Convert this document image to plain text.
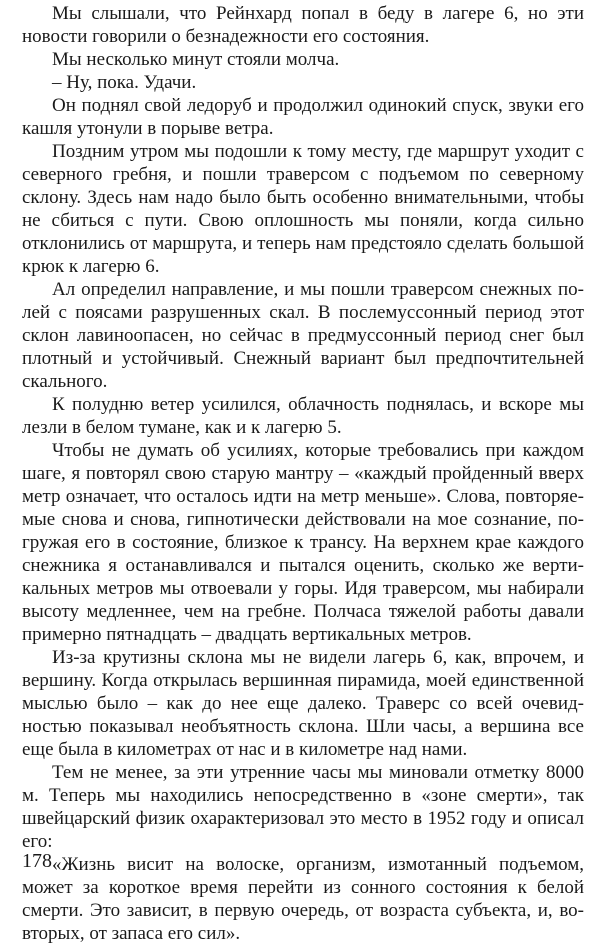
Мы слышали, что Рейнхард попал в беду в лагере 6, но эти новости говорили о безнадежности его состояния.

Мы несколько минут стояли молча.

– Ну, пока. Удачи.

Он поднял свой ледоруб и продолжил одинокий спуск, звуки его кашля утонули в порыве ветра.

Поздним утром мы подошли к тому месту, где маршрут уходит с северного гребня, и пошли траверсом с подъемом по северному склону. Здесь нам надо было быть особенно внимательными, чтобы не сбиться с пути. Свою оплошность мы поняли, когда сильно отклонились от маршрута, и теперь нам предстояло сделать большой крюк к лагерю 6.

Ал определил направление, и мы пошли траверсом снежных полей с поясами разрушенных скал. В послемуссонный период этот склон лавиноопасен, но сейчас в предмуссонный период снег был плотный и устойчивый. Снежный вариант был предпочтительней скального.

К полудню ветер усилился, облачность поднялась, и вскоре мы лезли в белом тумане, как и к лагерю 5.

Чтобы не думать об усилиях, которые требовались при каждом шаге, я повторял свою старую мантру – «каждый пройденный вверх метр означает, что осталось идти на метр меньше». Слова, повторяемые снова и снова, гипнотически действовали на мое сознание, погружая его в состояние, близкое к трансу. На верхнем крае каждого снежника я останавливался и пытался оценить, сколько же вертикальных метров мы отвоевали у горы. Идя траверсом, мы набирали высоту медленнее, чем на гребне. Полчаса тяжелой работы давали примерно пятнадцать – двадцать вертикальных метров.

Из-за крутизны склона мы не видели лагерь 6, как, впрочем, и вершину. Когда открылась вершинная пирамида, моей единственной мыслью было – как до нее еще далеко. Траверс со всей очевидностью показывал необъятность склона. Шли часы, а вершина все еще была в километрах от нас и в километре над нами.

Тем не менее, за эти утренние часы мы миновали отметку 8000 м. Теперь мы находились непосредственно в «зоне смерти», так швейцарский физик охарактеризовал это место в 1952 году и описал его:

«Жизнь висит на волоске, организм, измотанный подъемом, может за короткое время перейти из сонного состояния к белой смерти. Это зависит, в первую очередь, от возраста субъекта, и, во-вторых, от запаса его сил».

178
